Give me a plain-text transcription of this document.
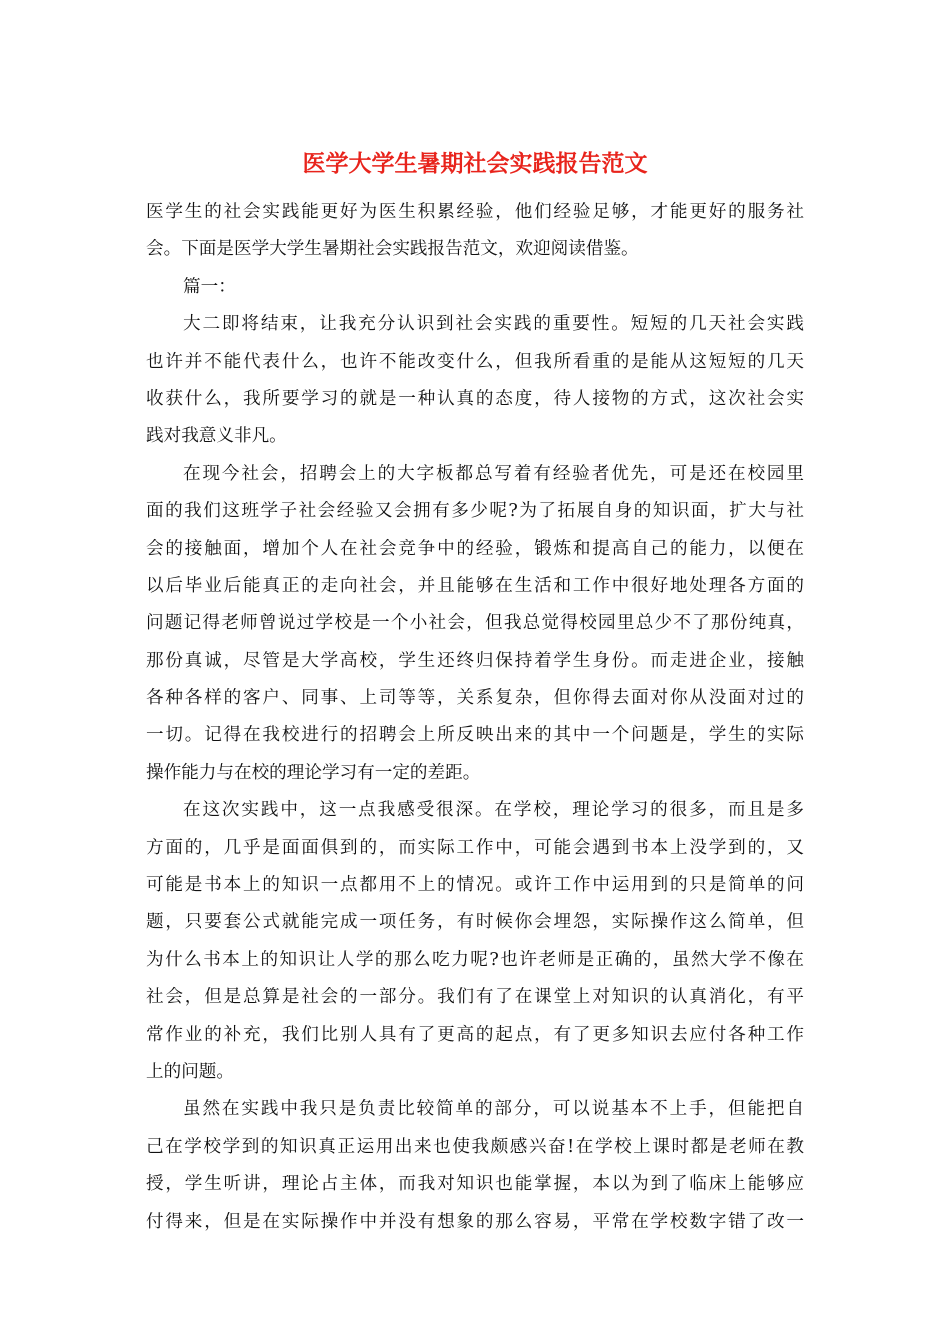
医学大学生暑期社会实践报告范文
医学生的社会实践能更好为医生积累经验，他们经验足够，才能更好的服务社
会。下面是医学大学生暑期社会实践报告范文，欢迎阅读借鉴。
篇一：
大二即将结束，让我充分认识到社会实践的重要性。短短的几天社会实践
也许并不能代表什么，也许不能改变什么，但我所看重的是能从这短短的几天
收获什么，我所要学习的就是一种认真的态度，待人接物的方式，这次社会实
践对我意义非凡。
在现今社会，招聘会上的大字板都总写着有经验者优先，可是还在校园里
面的我们这班学子社会经验又会拥有多少呢?为了拓展自身的知识面，扩大与社
会的接触面，增加个人在社会竞争中的经验，锻炼和提高自己的能力，以便在
以后毕业后能真正的走向社会，并且能够在生活和工作中很好地处理各方面的
问题记得老师曾说过学校是一个小社会，但我总觉得校园里总少不了那份纯真，
那份真诚，尽管是大学高校，学生还终归保持着学生身份。而走进企业，接触
各种各样的客户、同事、上司等等，关系复杂，但你得去面对你从没面对过的
一切。记得在我校进行的招聘会上所反映出来的其中一个问题是，学生的实际
操作能力与在校的理论学习有一定的差距。
在这次实践中，这一点我感受很深。在学校，理论学习的很多，而且是多
方面的，几乎是面面俱到的，而实际工作中，可能会遇到书本上没学到的，又
可能是书本上的知识一点都用不上的情况。或许工作中运用到的只是简单的问
题，只要套公式就能完成一项任务，有时候你会埋怨，实际操作这么简单，但
为什么书本上的知识让人学的那么吃力呢?也许老师是正确的，虽然大学不像在
社会，但是总算是社会的一部分。我们有了在课堂上对知识的认真消化，有平
常作业的补充，我们比别人具有了更高的起点，有了更多知识去应付各种工作
上的问题。
虽然在实践中我只是负责比较简单的部分，可以说基本不上手，但能把自
己在学校学到的知识真正运用出来也使我颇感兴奋!在学校上课时都是老师在教
授，学生听讲，理论占主体，而我对知识也能掌握，本以为到了临床上能够应
付得来，但是在实际操作中并没有想象的那么容易，平常在学校数字错了改一
